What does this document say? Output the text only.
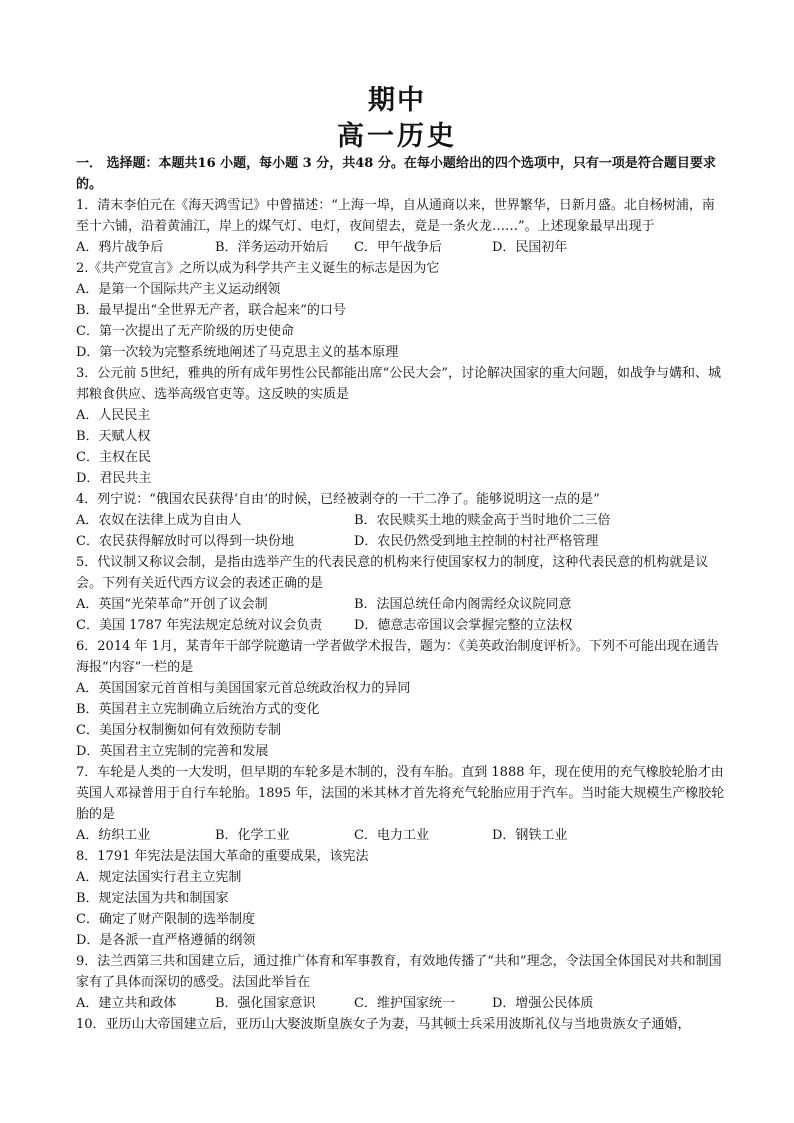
期中
高一历史
一． 选择题：本题共16 小题，每小题 3 分，共48 分。在每小题给出的四个选项中，只有一项是符合题目要求的。

1．清末李伯元在《海天鸿雪记》中曾描述：“上海一埠，自从通商以来，世界繁华，日新月盛。北自杨树浦，南至十六铺，沿着黄浦江，岸上的煤气灯、电灯，夜间望去，竟是一条火龙……”。上述现象最早出现于

A．鸦片战争后	B．洋务运动开始后	C．甲午战争后	D．民国初年

2.《共产党宣言》之所以成为科学共产主义诞生的标志是因为它

A．是第一个国际共产主义运动纲领

B．最早提出“全世界无产者，联合起来”的口号

C．第一次提出了无产阶级的历史使命

D．第一次较为完整系统地阐述了马克思主义的基本原理

3．公元前 5世纪，雅典的所有成年男性公民都能出席“公民大会”，讨论解决国家的重大问题，如战争与媾和、城邦粮食供应、选举高级官吏等。这反映的实质是

A．人民民主

B．天赋人权

C．主权在民

D．君民共主

4．列宁说：“俄国农民获得‘自由’的时候，已经被剥夺的一干二净了。能够说明这一点的是”

A．农奴在法律上成为自由人	B．农民赎买土地的赎金高于当时地价二三倍
C．农民获得解放时可以得到一块份地	D．农民仍然受到地主控制的村社严格管理

5．代议制又称议会制，是指由选举产生的代表民意的机构来行使国家权力的制度，这种代表民意的机构就是议会。下列有关近代西方议会的表述正确的是

A．英国“光荣革命”开创了议会制	B．法国总统任命内阁需经众议院同意
C．美国 1787 年宪法规定总统对议会负责	D．德意志帝国议会掌握完整的立法权

6．2014 年 1月，某青年干部学院邀请一学者做学术报告，题为：《美英政治制度评析》。下列不可能出现在通告海报“内容”一栏的是

A．英国国家元首首相与美国国家元首总统政治权力的异同

B．英国君主立宪制确立后统治方式的变化

C．美国分权制衡如何有效预防专制

D．英国君主立宪制的完善和发展

7．车轮是人类的一大发明，但早期的车轮多是木制的，没有车胎。直到 1888 年，现在使用的充气橡胶轮胎才由英国人邓禄普用于自行车轮胎。1895 年，法国的米其林才首先将充气轮胎应用于汽车。当时能大规模生产橡胶轮胎的是

A．纺织工业	B．化学工业	C．电力工业	D．钢铁工业

8．1791 年宪法是法国大革命的重要成果，该宪法

A．规定法国实行君主立宪制

B．规定法国为共和制国家

C．确定了财产限制的选举制度

D．是各派一直严格遵循的纲领

9．法兰西第三共和国建立后，通过推广体育和军事教育，有效地传播了“共和”理念，令法国全体国民对共和制国家有了具体而深切的感受。法国此举旨在

A．建立共和政体	B．强化国家意识	C．维护国家统一	D．增强公民体质

10．亚历山大帝国建立后，亚历山大娶波斯皇族女子为妻，马其顿士兵采用波斯礼仪与当地贵族女子通婚，
